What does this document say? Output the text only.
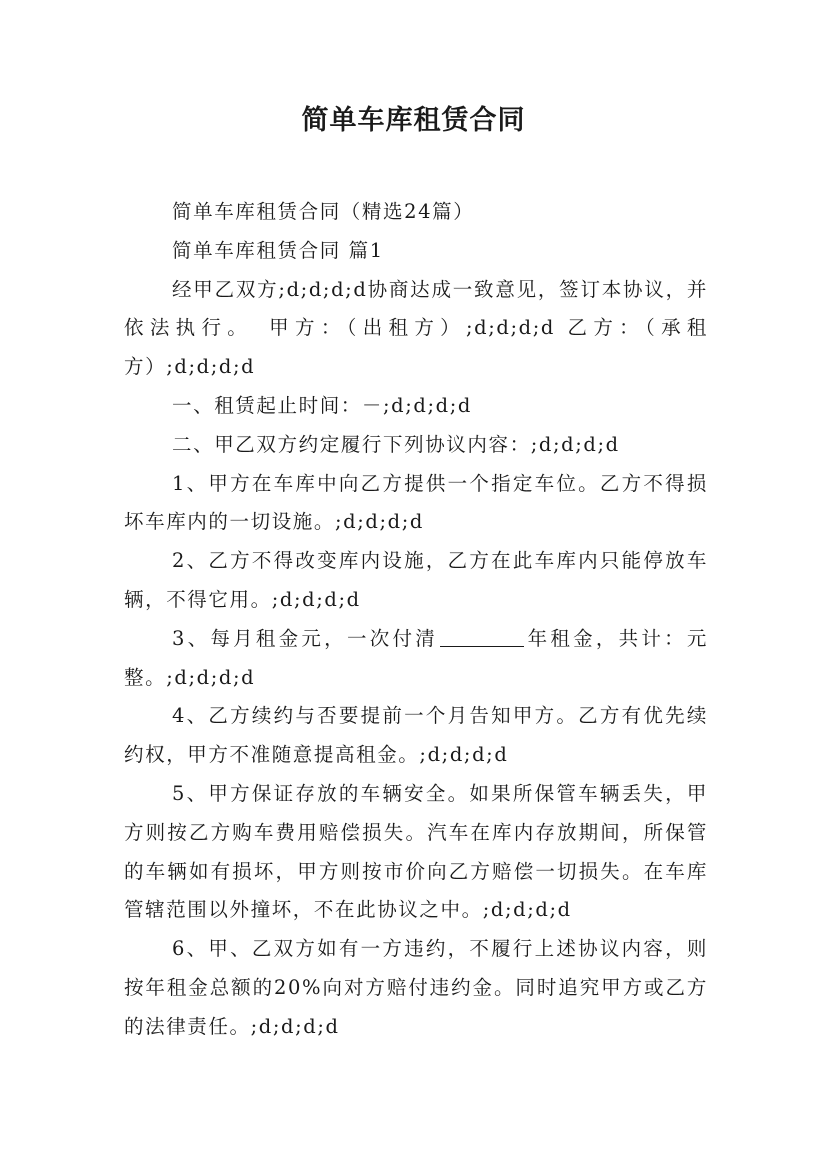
简单车库租赁合同

简单车库租赁合同（精选24篇）

简单车库租赁合同 篇1

经甲乙双方;d;d;d;d协商达成一致意见，签订本协议，并依法执行。　甲方：（出租方）;d;d;d;d 乙方：（承租方）;d;d;d;d

一、租赁起止时间：－;d;d;d;d

二、甲乙双方约定履行下列协议内容：;d;d;d;d

1、甲方在车库中向乙方提供一个指定车位。乙方不得损坏车库内的一切设施。;d;d;d;d

2、乙方不得改变库内设施，乙方在此车库内只能停放车辆，不得它用。;d;d;d;d

3、每月租金元，一次付清	年租金，共计：元整。;d;d;d;d

4、乙方续约与否要提前一个月告知甲方。乙方有优先续约权，甲方不准随意提高租金。;d;d;d;d

5、甲方保证存放的车辆安全。如果所保管车辆丢失，甲方则按乙方购车费用赔偿损失。汽车在库内存放期间，所保管的车辆如有损坏，甲方则按市价向乙方赔偿一切损失。在车库管辖范围以外撞坏，不在此协议之中。;d;d;d;d

6、甲、乙双方如有一方违约，不履行上述协议内容，则按年租金总额的20%向对方赔付违约金。同时追究甲方或乙方的法律责任。;d;d;d;d
